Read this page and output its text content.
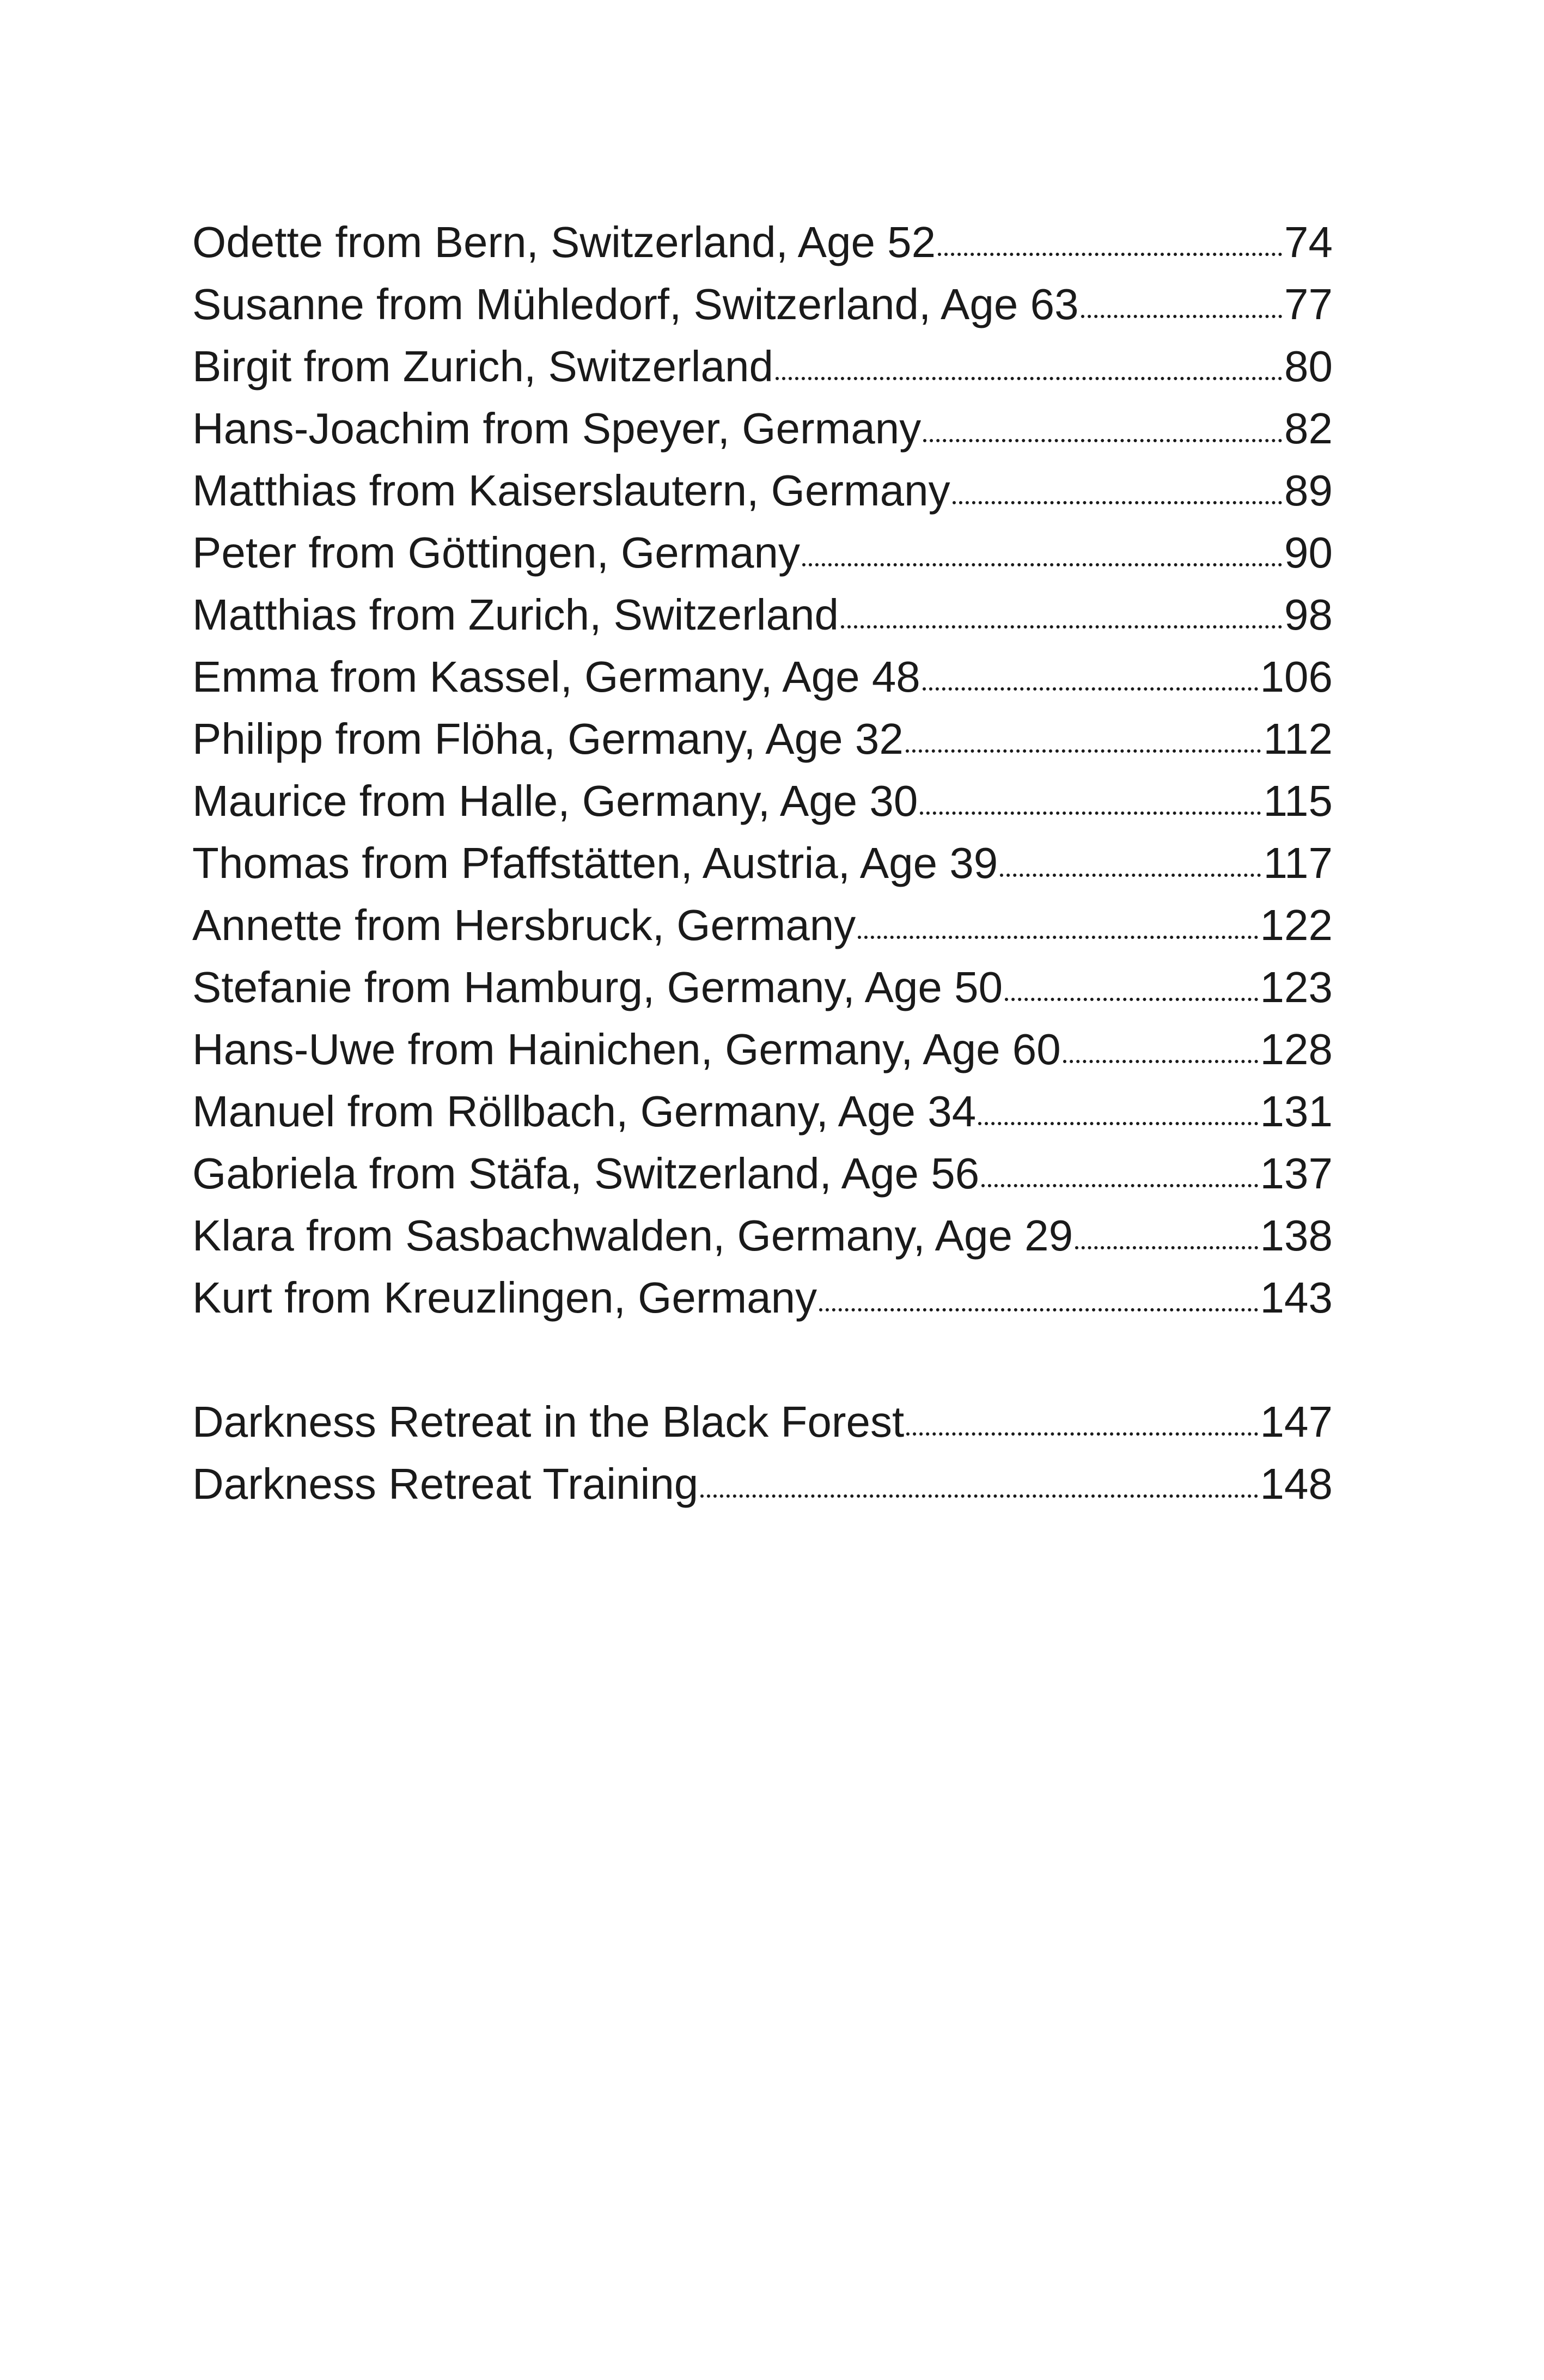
Odette from Bern, Switzerland, Age 52	74
Susanne from Mühledorf, Switzerland, Age 63	77
Birgit from Zurich, Switzerland	80
Hans-Joachim from Speyer, Germany	82
Matthias from Kaiserslautern, Germany	89
Peter from Göttingen, Germany	90
Matthias from Zurich, Switzerland	98
Emma from Kassel, Germany, Age 48	106
Philipp from Flöha, Germany, Age 32	112
Maurice from Halle, Germany, Age 30	115
Thomas from Pfaffstätten, Austria, Age 39	117
Annette from Hersbruck, Germany	122
Stefanie from Hamburg, Germany, Age 50	123
Hans-Uwe from Hainichen, Germany, Age 60	128
Manuel from Röllbach, Germany, Age 34	131
Gabriela from Stäfa, Switzerland, Age 56	137
Klara from Sasbachwalden, Germany, Age 29	138
Kurt from Kreuzlingen, Germany	143
Darkness Retreat in the Black Forest	147
Darkness Retreat Training	148
